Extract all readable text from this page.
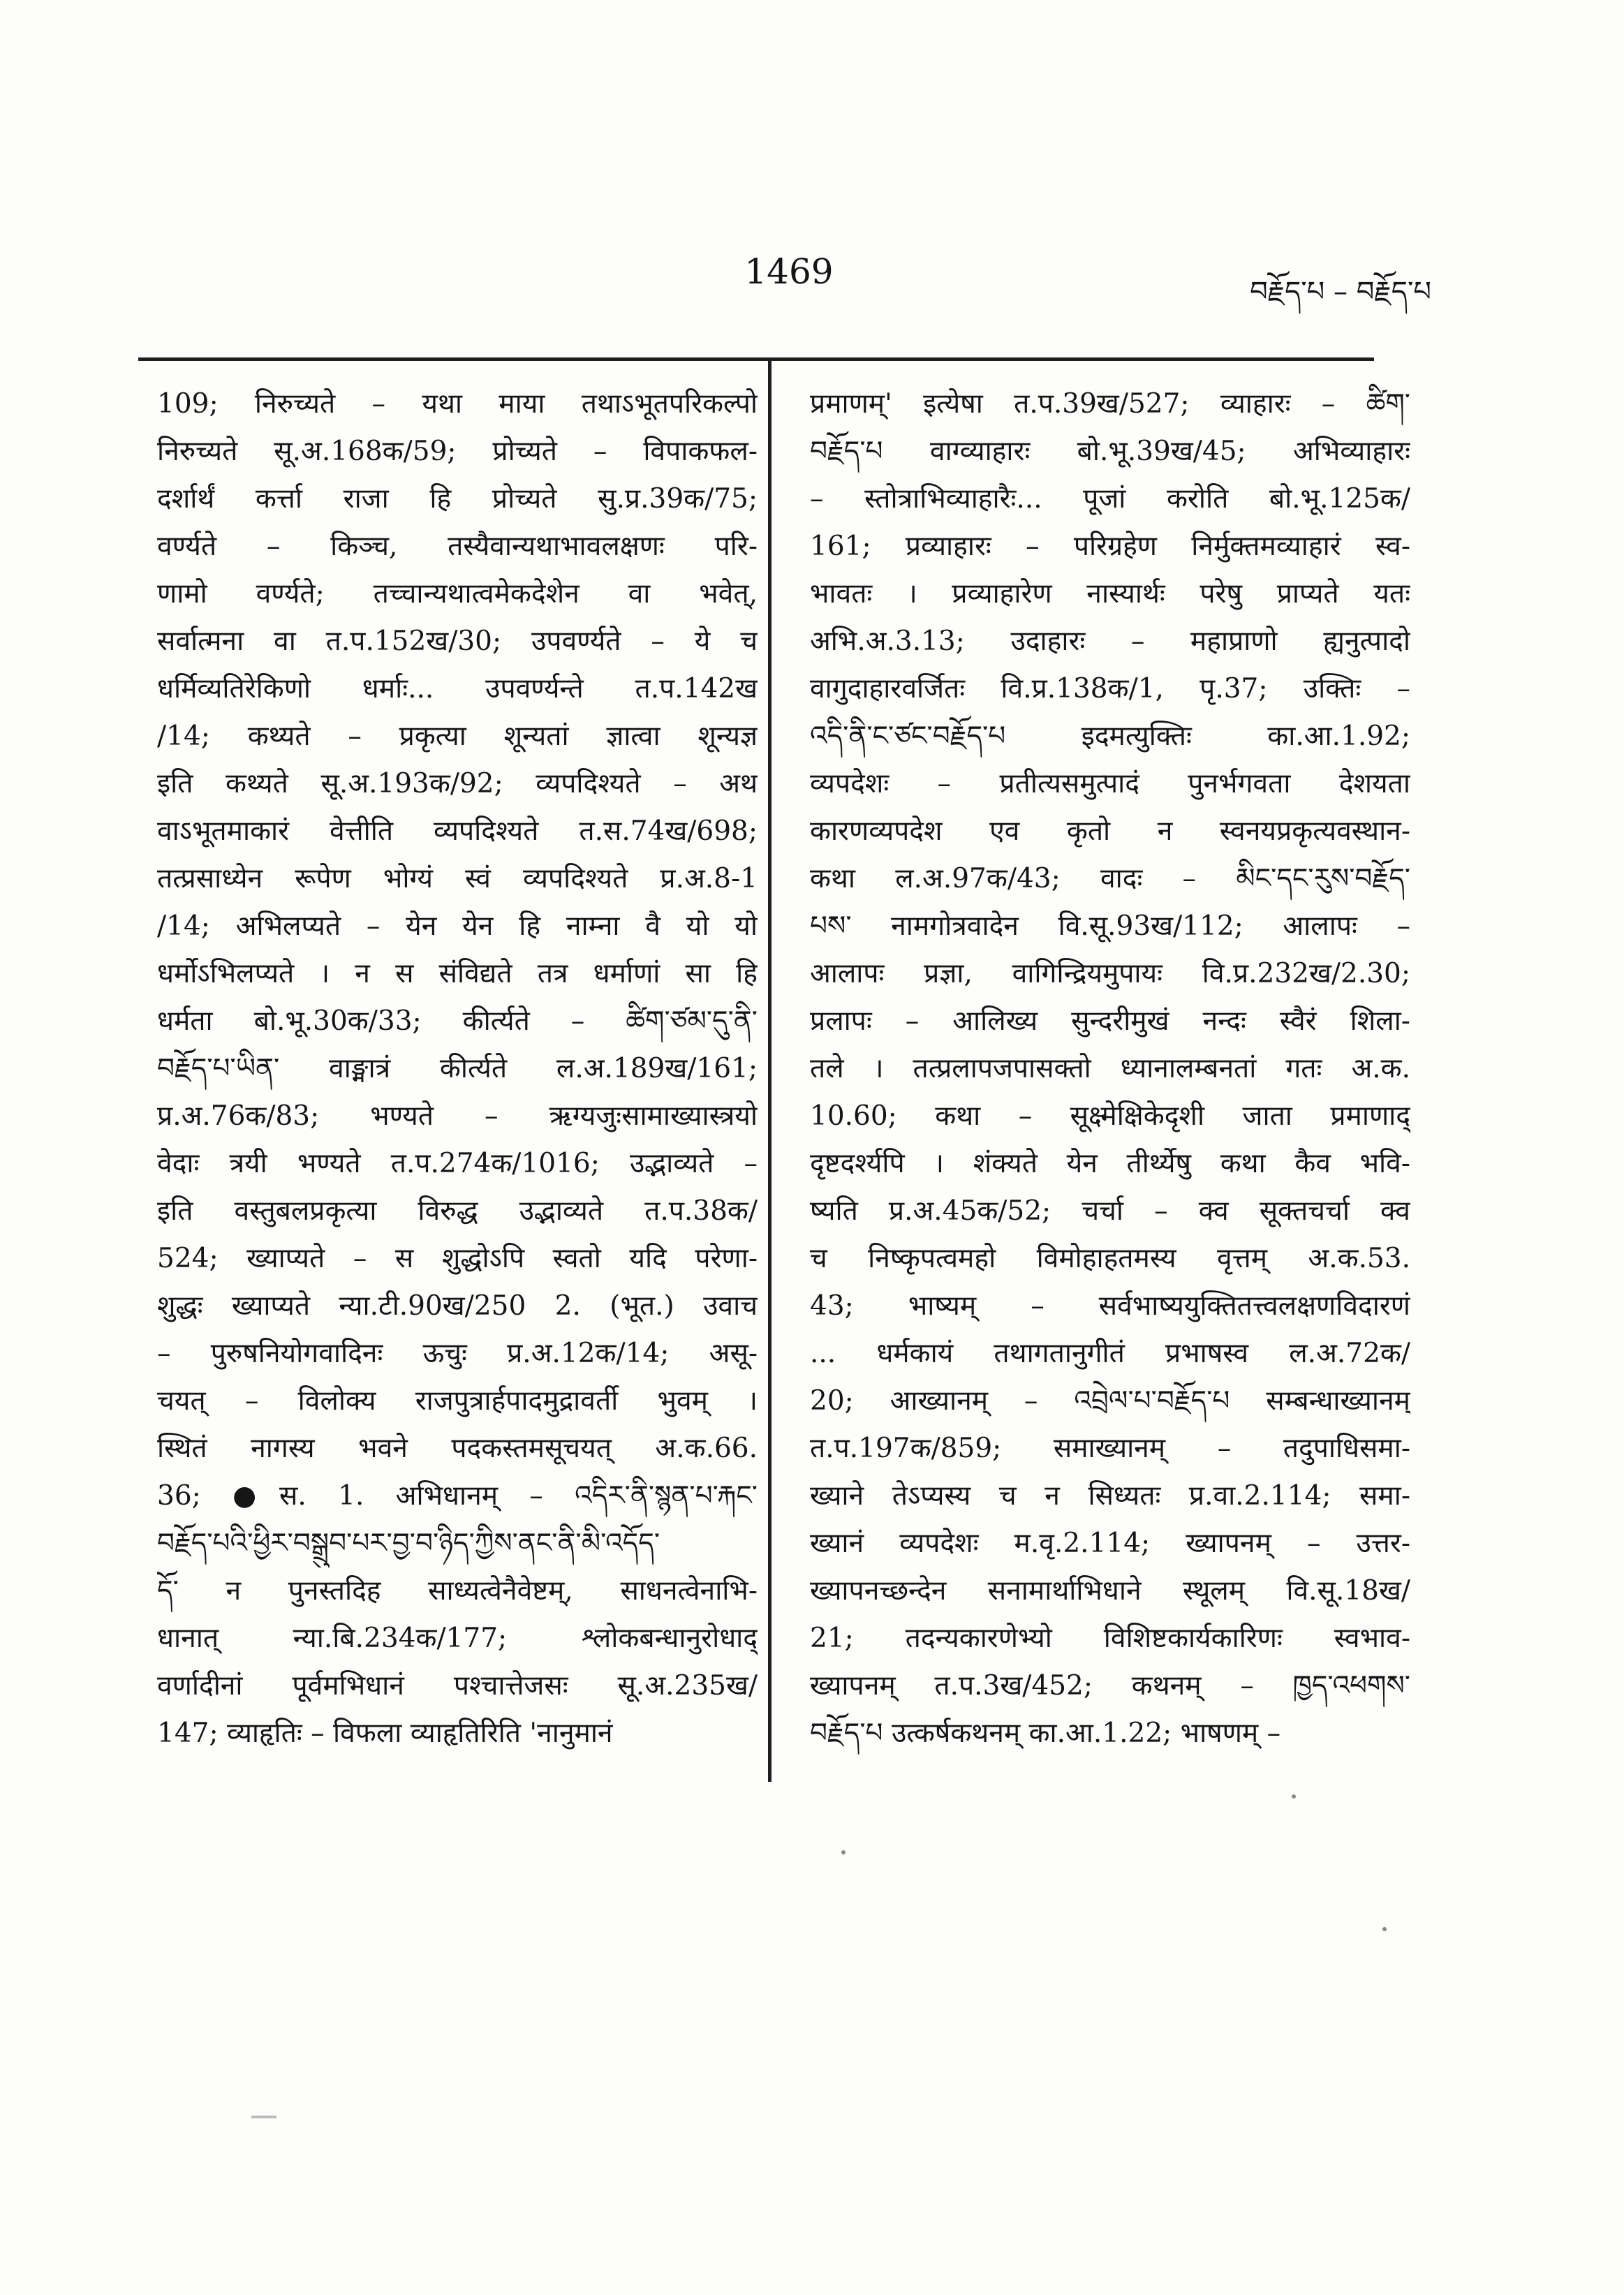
1469	བརྗོད་པ – བརྗོད་པ
109; निरुच्यते – यथा माया तथाऽभूतपरिकल्पो
निरुच्यते सू.अ.168क/59; प्रोच्यते – विपाकफल-
दर्शार्थं कर्त्ता राजा हि प्रोच्यते सु.प्र.39क/75;
वर्ण्यते – किञ्च, तस्यैवान्यथाभावलक्षणः परि-
णामो वर्ण्यते; तच्चान्यथात्वमेकदेशेन वा भवेत्,
सर्वात्मना वा त.प.152ख/30; उपवर्ण्यते – ये च
धर्मिव्यतिरेकिणो धर्माः... उपवर्ण्यन्ते त.प.142ख
/14; कथ्यते – प्रकृत्या शून्यतां ज्ञात्वा शून्यज्ञ
इति कथ्यते सू.अ.193क/92; व्यपदिश्यते – अथ
वाऽभूतमाकारं वेत्तीति व्यपदिश्यते त.स.74ख/698;
तत्प्रसाध्येन रूपेण भोग्यं स्वं व्यपदिश्यते प्र.अ.8-1
/14; अभिलप्यते – येन येन हि नाम्ना वै यो यो
धर्मोऽभिलप्यते । न स संविद्यते तत्र धर्माणां सा हि
धर्मता बो.भू.30क/33; कीर्त्यते – ཚིག་ཙམ་དུ་ནི་
བརྗོད་པ་ཡིན་ वाङ्मात्रं कीर्त्यते ल.अ.189ख/161;
प्र.अ.76क/83; भण्यते – ऋग्यजुःसामाख्यास्त्रयो
वेदाः त्रयी भण्यते त.प.274क/1016; उद्भाव्यते –
इति वस्तुबलप्रकृत्या विरुद्ध उद्भाव्यते त.प.38क/
524; ख्याप्यते – स शुद्धोऽपि स्वतो यदि परेणा-
शुद्धः ख्याप्यते न्या.टी.90ख/250 2. (भूत.) उवाच
– पुरुषनियोगवादिनः ऊचुः प्र.अ.12क/14; असू-
चयत् – विलोक्य राजपुत्रार्हपादमुद्रावर्ती भुवम् ।
स्थितं नागस्य भवने पदकस्तमसूचयत् अ.क.66.
36; ●स. 1. अभिधानम् – འདིར་ནི་སྙན་པ་རྐང་
བརྗོད་པའི་ཕྱིར་བསྒྲུབ་པར་བྱ་བ་ཉིད་ཀྱིས་ནང་ནི་མི་འདོད་
དོ་ न पुनस्तदिह साध्यत्वेनैवेष्टम्, साधनत्वेनाभि-
धानात् न्या.बि.234क/177; श्लोकबन्धानुरोधाद्
वर्णादीनां पूर्वमभिधानं पश्चात्तेजसः सू.अ.235ख/
147; व्याहृतिः – विफला व्याहृतिरिति 'नानुमानं
प्रमाणम्' इत्येषा त.प.39ख/527; व्याहारः – ཚིག་
བརྗོད་པ वाग्व्याहारः बो.भू.39ख/45; अभिव्याहारः
– स्तोत्राभिव्याहारैः... पूजां करोति बो.भू.125क/
161; प्रव्याहारः – परिग्रहेण निर्मुक्तमव्याहारं स्व-
भावतः । प्रव्याहारेण नास्यार्थः परेषु प्राप्यते यतः
अभि.अ.3.13; उदाहारः – महाप्राणो ह्यनुत्पादो
वागुदाहारवर्जितः वि.प्र.138क/1, पृ.37; उक्तिः –
འདི་ནི་ང་ཙང་བརྗོད་པ इदमत्युक्तिः का.आ.1.92;
व्यपदेशः – प्रतीत्यसमुत्पादं पुनर्भगवता देशयता
कारणव्यपदेश एव कृतो न स्वनयप्रकृत्यवस्थान-
कथा ल.अ.97क/43; वादः – མིང་དང་རུས་བརྗོད་
པས་ नामगोत्रवादेन वि.सू.93ख/112; आलापः –
आलापः प्रज्ञा, वागिन्द्रियमुपायः वि.प्र.232ख/2.30;
प्रलापः – आलिख्य सुन्दरीमुखं नन्दः स्वैरं शिला-
तले । तत्प्रलापजपासक्तो ध्यानालम्बनतां गतः अ.क.
10.60; कथा – सूक्ष्मेक्षिकेदृशी जाता प्रमाणाद्
दृष्टदर्श्यपि । शंक्यते येन तीर्थ्येषु कथा कैव भवि-
ष्यति प्र.अ.45क/52; चर्चा – क्व सूक्तचर्चा क्व
च निष्कृपत्वमहो विमोहाहतमस्य वृत्तम् अ.क.53.
43; भाष्यम् – सर्वभाष्ययुक्तितत्त्वलक्षणविदारणं
... धर्मकायं तथागतानुगीतं प्रभाषस्व ल.अ.72क/
20; आख्यानम् – འབྲེལ་པ་བརྗོད་པ सम्बन्धाख्यानम्
त.प.197क/859; समाख्यानम् – तदुपाधिसमा-
ख्याने तेऽप्यस्य च न सिध्यतः प्र.वा.2.114; समा-
ख्यानं व्यपदेशः म.वृ.2.114; ख्यापनम् – उत्तर-
ख्यापनच्छन्देन सनामार्थाभिधाने स्थूलम् वि.सू.18ख/
21; तदन्यकारणेभ्यो विशिष्टकार्यकारिणः स्वभाव-
ख्यापनम् त.प.3ख/452; कथनम् – ཁྱད་འཕགས་
བརྗོད་པ उत्कर्षकथनम् का.आ.1.22; भाषणम् –
